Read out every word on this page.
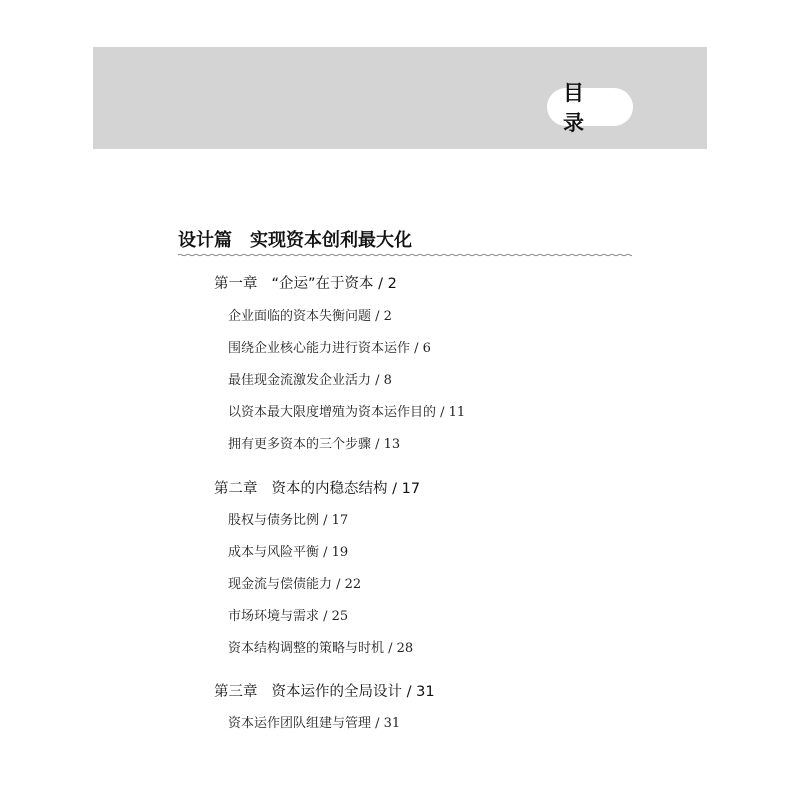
目 录
设计篇 实现资本创利最大化
第一章 “企运”在于资本 / 2
企业面临的资本失衡问题 / 2
围绕企业核心能力进行资本运作 / 6
最佳现金流激发企业活力 / 8
以资本最大限度增殖为资本运作目的 / 11
拥有更多资本的三个步骤 / 13
第二章 资本的内稳态结构 / 17
股权与债务比例 / 17
成本与风险平衡 / 19
现金流与偿债能力 / 22
市场环境与需求 / 25
资本结构调整的策略与时机 / 28
第三章 资本运作的全局设计 / 31
资本运作团队组建与管理 / 31
